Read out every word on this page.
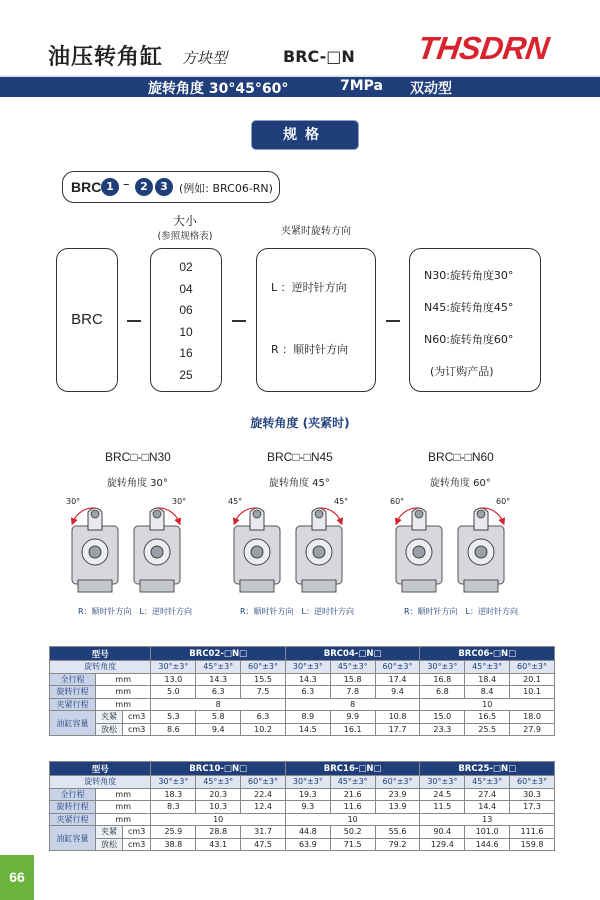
油压转角缸 方块型	BRC-□N THSDRN
旋转角度 30°45°60°	7MPa 双动型
规格
BRC 1 – 2	3	(例如: BRC06-RN)
大小
(参照规格表)	夹紧时旋转方向
BRC
02
04
06
10
16
25
L ：逆时针方向
R ：顺时针方向
N30:旋转角度30°
N45:旋转角度45°
N60:旋转角度60°
(为订购产品)
旋转角度 (夹紧时)
BRC□-□N30
旋转角度 30°
BRC□-□N45
旋转角度 45°
BRC□-□N60
旋转角度 60°
30°	30°	45°	45°	60°	60°
R：顺时针方向　L：逆时针方向	R：顺时针方向　L：逆时针方向	R：顺时针方向　L：逆时针方向
型号			BRC02-□N□			BRC04-□N□			BRC06-□N□		
旋转角度			30°±3°	45°±3°	60°±3°	30°±3°	45°±3°	60°±3°	30°±3°	45°±3°	60°±3°
全行程	mm		13.0	14.3	15.5	14.3	15.8	17.4	16.8	18.4	20.1
旋转行程	mm		5.0	6.3	7.5	6.3	7.8	9.4	6.8	8.4	10.1
夹紧行程	mm		8			8			10		
油缸容量	夹紧	cm3	5.3	5.8	6.3	8.9	9.9	10.8	15.0	16.5	18.0
	放松	cm3	8.6	9.4	10.2	14.5	16.1	17.7	23.3	25.5	27.9
型号			BRC10-□N□			BRC16-□N□			BRC25-□N□		
旋转角度			30°±3°	45°±3°	60°±3°	30°±3°	45°±3°	60°±3°	30°±3°	45°±3°	60°±3°
全行程	mm		18.3	20.3	22.4	19.3	21.6	23.9	24.5	27.4	30.3
旋转行程	mm		8.3	10.3	12.4	9.3	11.6	13.9	11.5	14.4	17.3
夹紧行程	mm		10			10			13		
油缸容量	夹紧	cm3	25.9	28.8	31.7	44.8	50.2	55.6	90.4	101.0	111.6
	放松	cm3	38.8	43.1	47.5	63.9	71.5	79.2	129.4	144.6	159.8
66
